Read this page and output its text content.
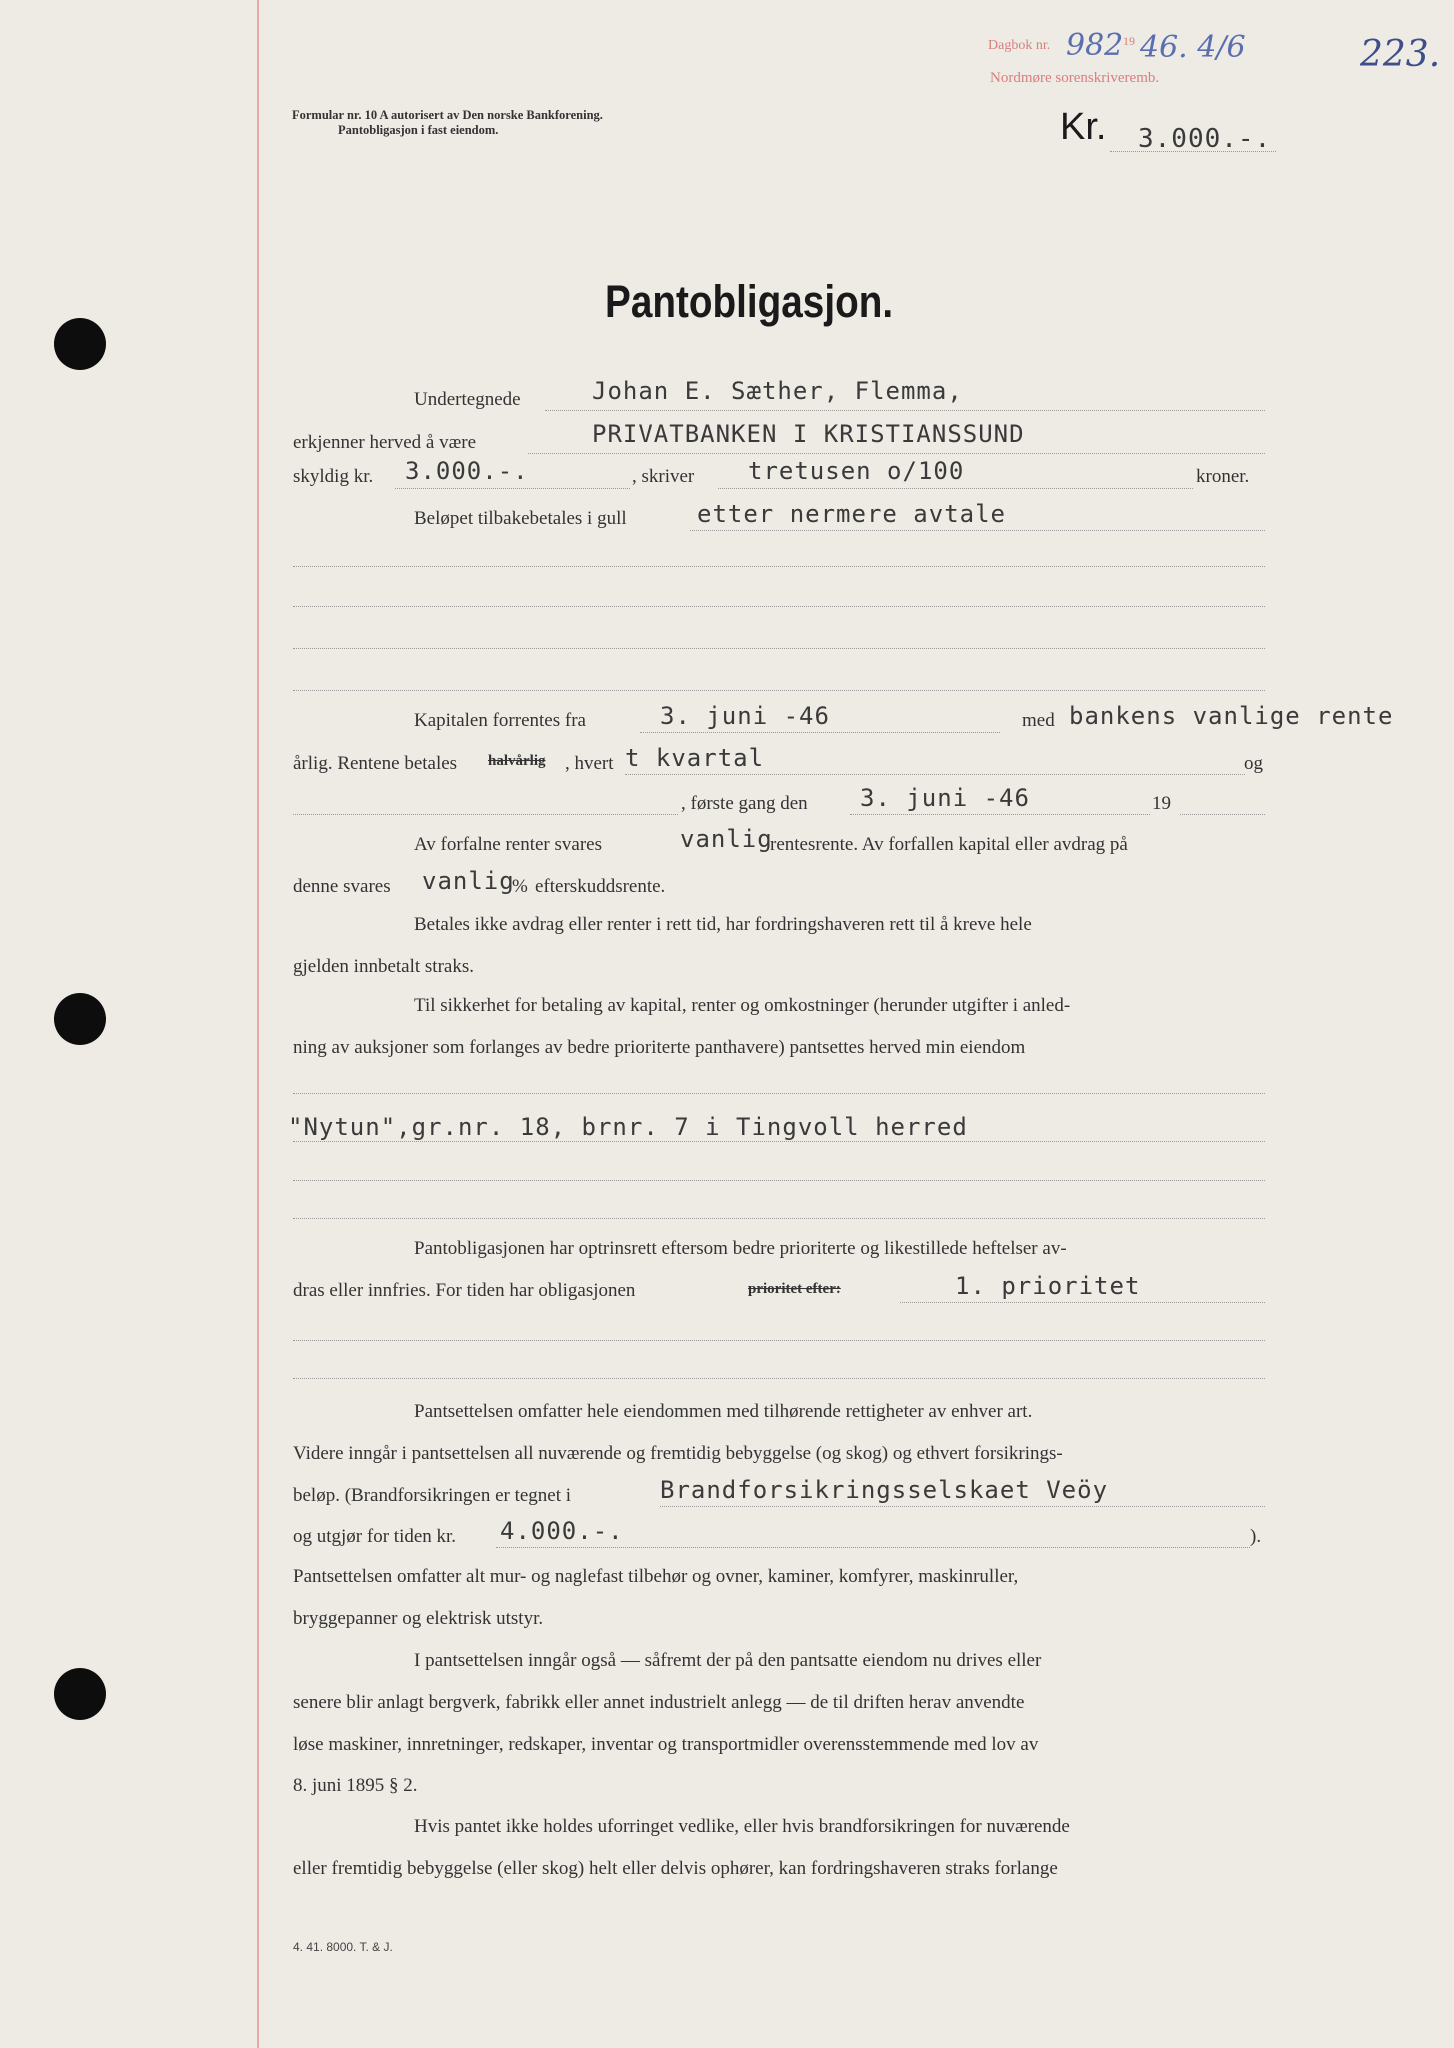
Formular nr. 10 A autorisert av Den norske Bankforening.
Pantobligasjon i fast eiendom.
Dagbok nr. 982 19 46. 4/6
Nordmøre sorenskriveremb.
223.
Kr. 3.000.-.
Pantobligasjon.
Undertegnede	Johan E. Sæther, Flemma,
erkjenner herved å være	PRIVATBANKEN I KRISTIANSSUND
skyldig kr. 3.000.-.	, skriver tretusen o/100	kroner.
Beløpet tilbakebetales i gull	etter nermere avtale
Kapitalen forrentes fra	3. juni -46	med bankens vanlige rente
årlig. Rentene betales halvårlig , hvert t kvartal	og
, første gang den 3. juni -46	19
Av forfalne renter svares	vanlig
rentesrente. Av forfallen kapital eller avdrag på
denne svares vanlig
% efterskuddsrente.
Betales ikke avdrag eller renter i rett tid, har fordringshaveren rett til å kreve hele
gjelden innbetalt straks.
Til sikkerhet for betaling av kapital, renter og omkostninger (herunder utgifter i anled-
ning av auksjoner som forlanges av bedre prioriterte panthavere) pantsettes herved min eiendom
"Nytun",gr.nr. 18, brnr. 7 i Tingvoll herred
Pantobligasjonen har optrinsrett eftersom bedre prioriterte og likestillede heftelser av-
dras eller innfries. For tiden har obligasjonen	prioritet efter:	1. prioritet
Pantsettelsen omfatter hele eiendommen med tilhørende rettigheter av enhver art.
Videre inngår i pantsettelsen all nuværende og fremtidig bebyggelse (og skog) og ethvert forsikrings-
beløp. (Brandforsikringen er tegnet i	Brandforsikringsselskaet Veöy
og utgjør for tiden kr. 4.000.-.	).
Pantsettelsen omfatter alt mur- og naglefast tilbehør og ovner, kaminer, komfyrer, maskinruller,
bryggepanner og elektrisk utstyr.
I pantsettelsen inngår også — såfremt der på den pantsatte eiendom nu drives eller
senere blir anlagt bergverk, fabrikk eller annet industrielt anlegg — de til driften herav anvendte
løse maskiner, innretninger, redskaper, inventar og transportmidler overensstemmende med lov av
8. juni 1895 § 2.
Hvis pantet ikke holdes uforringet vedlike, eller hvis brandforsikringen for nuværende
eller fremtidig bebyggelse (eller skog) helt eller delvis ophører, kan fordringshaveren straks forlange
4. 41. 8000. T. & J.
